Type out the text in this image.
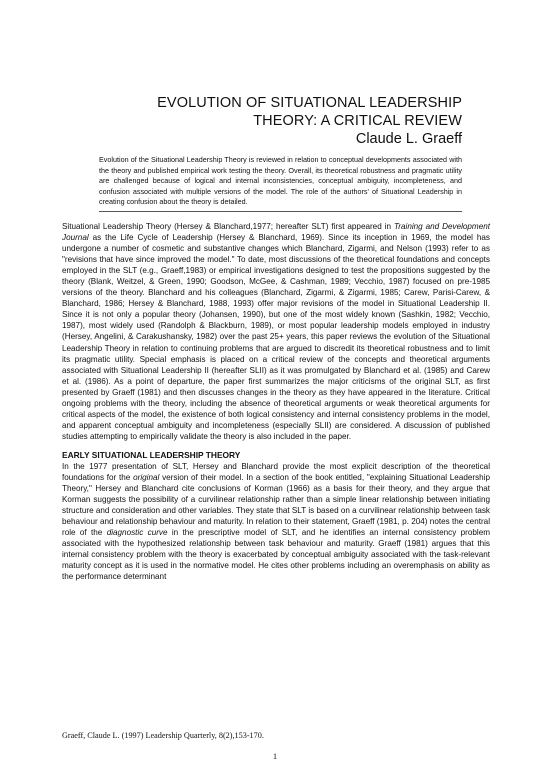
EVOLUTION OF SITUATIONAL LEADERSHIP
THEORY: A CRITICAL REVIEW
Claude L. Graeff
Evolution of the Situational Leadership Theory is reviewed in relation to conceptual developments associated with the theory and published empirical work testing the theory. Overall, its theoretical robustness and pragmatic utility are challenged because of logical and internal inconsistencies, conceptual ambiguity, incompleteness, and confusion associated with multiple versions of the model. The role of the authors' of Situational Leadership in creating confusion about the theory is detailed.

Situational Leadership Theory (Hersey & Blanchard,1977; hereafter SLT) first appeared in Training and Development Journal as the Life Cycle of Leadership (Hersey & Blanchard, 1969). Since its inception in 1969, the model has undergone a number of cosmetic and substantive changes which Blanchard, Zigarmi, and Nelson (1993) refer to as "revisions that have since improved the model." To date, most discussions of the theoretical foundations and concepts employed in the SLT (e.g., Graeff,1983) or empirical investigations designed to test the propositions suggested by the theory (Blank, Weitzel, & Green, 1990; Goodson, McGee, & Cashman, 1989; Vecchio, 1987) focused on pre-1985 versions of the theory. Blanchard and his colleagues (Blanchard, Zigarmi, & Zigarmi, 1985; Carew, Parisi-Carew, & Blanchard, 1986; Hersey & Blanchard, 1988, 1993) offer major revisions of the model in Situational Leadership II. Since it is not only a popular theory (Johansen, 1990), but one of the most widely known (Sashkin, 1982; Vecchio, 1987), most widely used (Randolph & Blackburn, 1989), or most popular leadership models employed in industry (Hersey, Angelini, & Carakushansky, 1982) over the past 25+ years, this paper reviews the evolution of the Situational Leadership Theory in relation to continuing problems that are argued to discredit its theoretical robustness and to limit its pragmatic utility. Special emphasis is placed on a critical review of the concepts and theoretical arguments associated with Situational Leadership II (hereafter SLII) as it was promulgated by Blanchard et al. (1985) and Carew et al. (1986). As a point of departure, the paper first summarizes the major criticisms of the original SLT, as first presented by Graeff (1981) and then discusses changes in the theory as they have appeared in the literature. Critical ongoing problems with the theory, including the absence of theoretical arguments or weak theoretical arguments for critical aspects of the model, the existence of both logical consistency and internal consistency problems in the model, and apparent conceptual ambiguity and incompleteness (especially SLII) are considered. A discussion of published studies attempting to empirically validate the theory is also included in the paper.

EARLY SITUATIONAL LEADERSHIP THEORY

In the 1977 presentation of SLT, Hersey and Blanchard provide the most explicit description of the theoretical foundations for the original version of their model. In a section of the book entitled, "explaining Situational Leadership Theory," Hersey and Blanchard cite conclusions of Korman (1966) as a basis for their theory, and they argue that Korman suggests the possibility of a curvilinear relationship rather than a simple linear relationship between initiating structure and consideration and other variables. They state that SLT is based on a curvilinear relationship between task behaviour and relationship behaviour and maturity. In relation to their statement, Graeff (1981, p. 204) notes the central role of the diagnostic curve in the prescriptive model of SLT, and he identifies an internal consistency problem associated with the hypothesized relationship between task behaviour and maturity. Graeff (1981) argues that this internal consistency problem with the theory is exacerbated by conceptual ambiguity associated with the task-relevant maturity concept as it is used in the normative model. He cites other problems including an overemphasis on ability as the performance determinant

Graeff, Claude L. (1997) Leadership Quarterly, 8(2),153-170.
1
